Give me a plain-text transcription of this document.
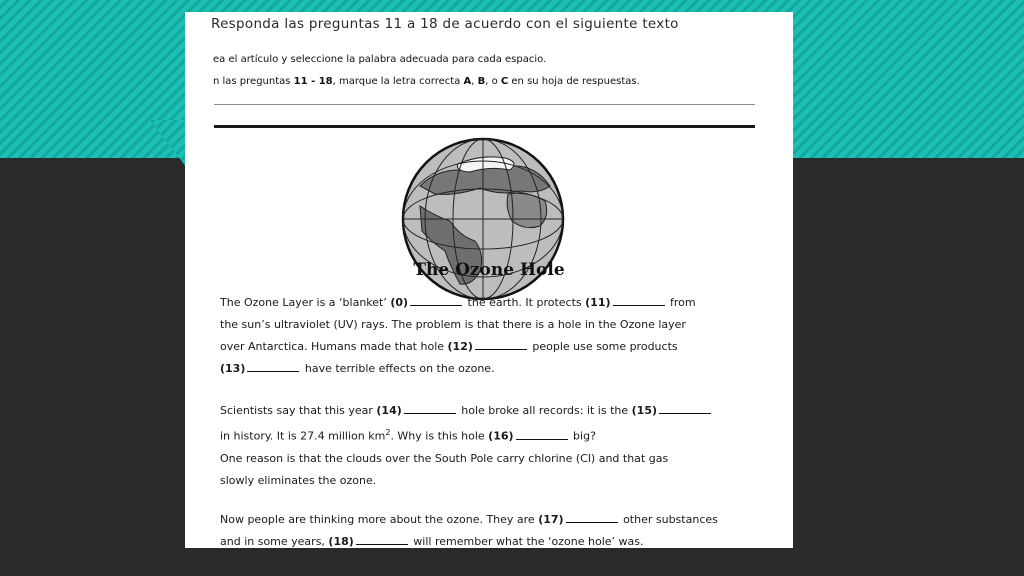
Responda las preguntas 11 a 18 de acuerdo con el siguiente texto
ea el artículo y seleccione la palabra adecuada para cada espacio.
n las preguntas 11 - 18, marque la letra correcta A, B, o C en su hoja de respuestas.
The Ozone Hole
The Ozone Layer is a ‘blanket’ (0)	the earth. It protects (11)	from
the sun’s ultraviolet (UV) rays. The problem is that there is a hole in the Ozone layer
over Antarctica. Humans made that hole (12)	people use some products
(13)	have terrible effects on the ozone.
Scientists say that this year (14)	hole broke all records: it is the (15)
in history. It is 27.4 million $km^2$. Why is this hole (16)	big?
One reason is that the clouds over the South Pole carry chlorine (Cl) and that gas
slowly eliminates the ozone.
Now people are thinking more about the ozone. They are (17)	other substances
and in some years, (18)	will remember what the ‘ozone hole’ was.
